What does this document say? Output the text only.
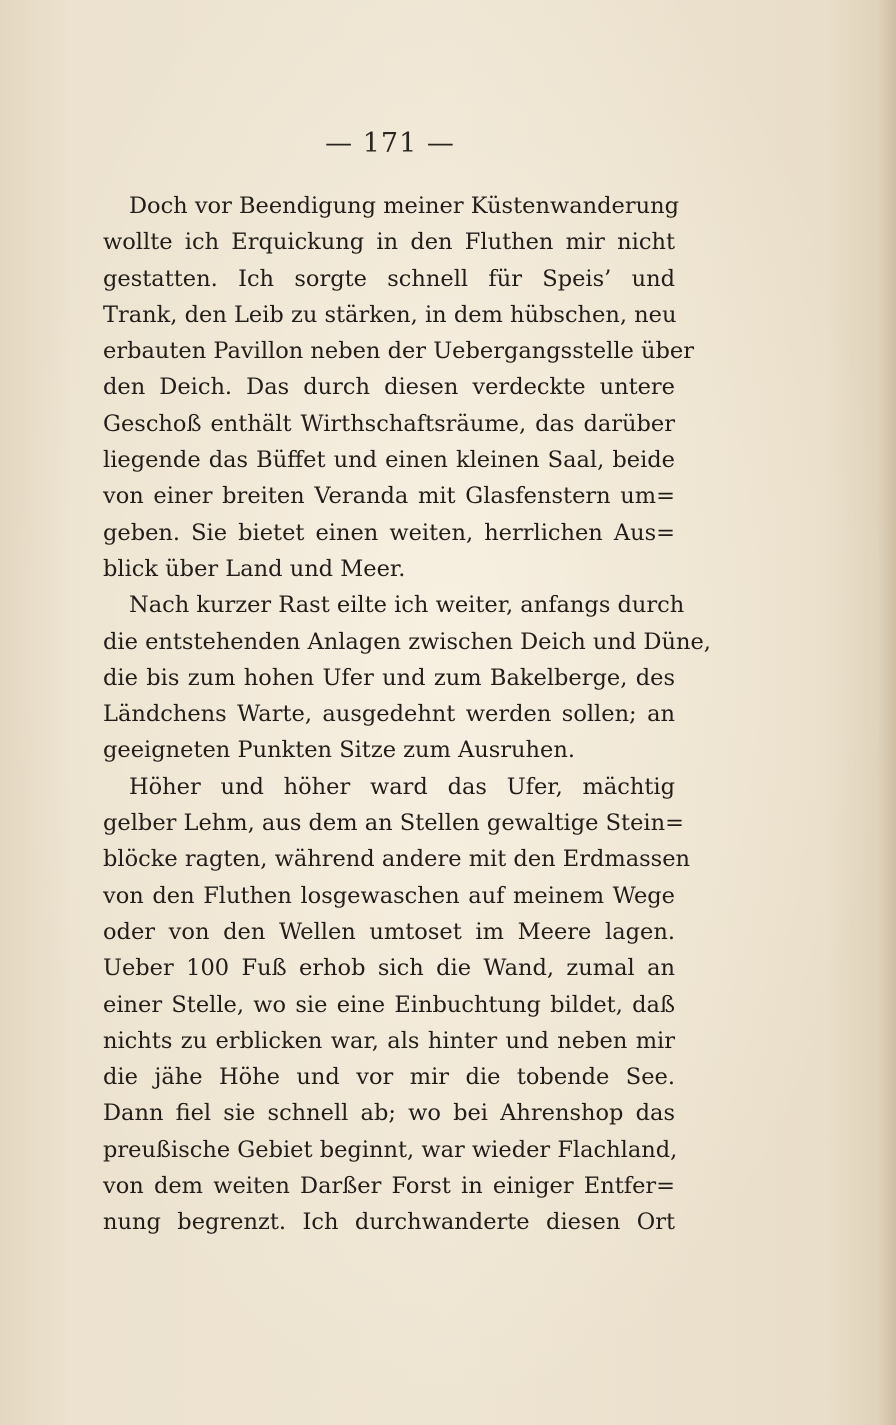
— 171 —
Doch vor Beendigung meiner Küstenwanderung
wollte ich Erquickung in den Fluthen mir nicht
gestatten. Ich sorgte schnell für Speis’ und
Trank, den Leib zu stärken, in dem hübschen, neu
erbauten Pavillon neben der Uebergangsstelle über
den Deich. Das durch diesen verdeckte untere
Geschoß enthält Wirthschaftsräume, das darüber
liegende das Büffet und einen kleinen Saal, beide
von einer breiten Veranda mit Glasfenstern um=
geben. Sie bietet einen weiten, herrlichen Aus=
blick über Land und Meer.
Nach kurzer Rast eilte ich weiter, anfangs durch
die entstehenden Anlagen zwischen Deich und Düne,
die bis zum hohen Ufer und zum Bakelberge, des
Ländchens Warte, ausgedehnt werden sollen; an
geeigneten Punkten Sitze zum Ausruhen.
Höher und höher ward das Ufer, mächtig
gelber Lehm, aus dem an Stellen gewaltige Stein=
blöcke ragten, während andere mit den Erdmassen
von den Fluthen losgewaschen auf meinem Wege
oder von den Wellen umtoset im Meere lagen.
Ueber 100 Fuß erhob sich die Wand, zumal an
einer Stelle, wo sie eine Einbuchtung bildet, daß
nichts zu erblicken war, als hinter und neben mir
die jähe Höhe und vor mir die tobende See.
Dann fiel sie schnell ab; wo bei Ahrenshop das
preußische Gebiet beginnt, war wieder Flachland,
von dem weiten Darßer Forst in einiger Entfer=
nung begrenzt. Ich durchwanderte diesen Ort
